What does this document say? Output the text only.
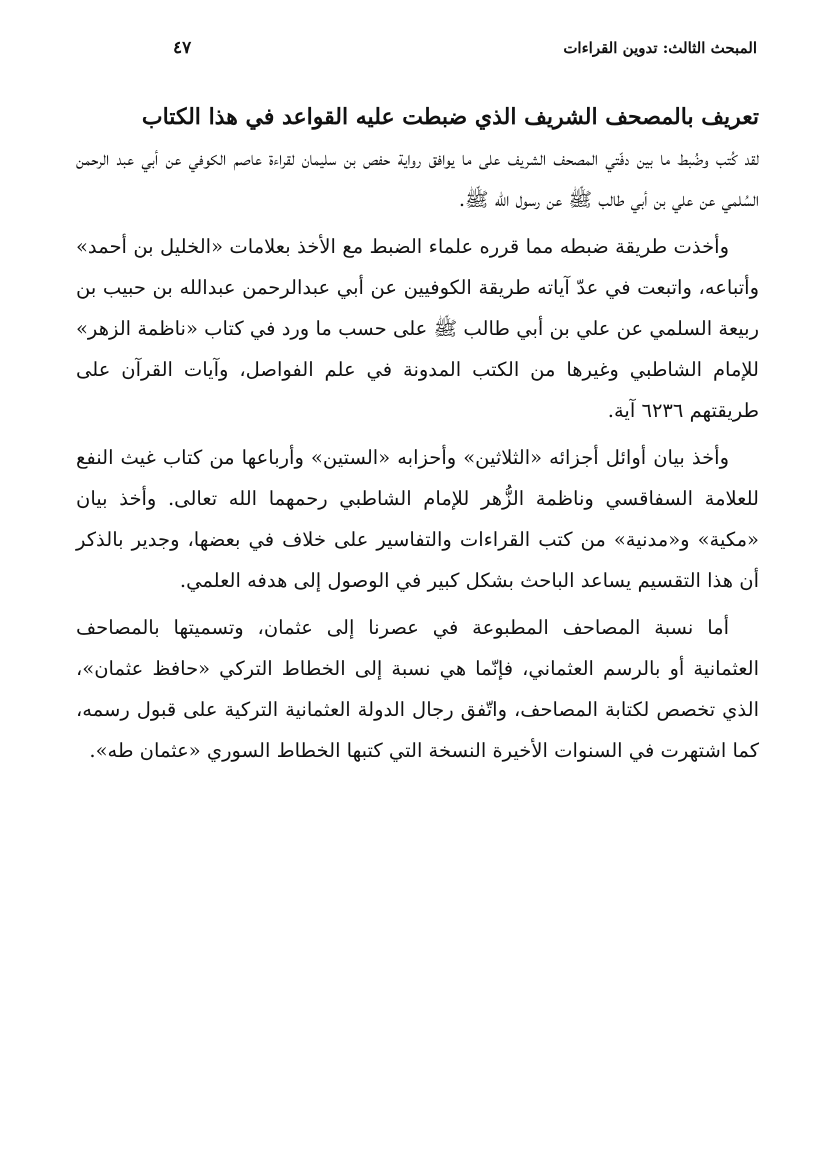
المبحث الثالث: تدوين القراءات
٤٧
تعريف بالمصحف الشريف الذي ضبطت عليه القواعد في هذا الكتاب

لقد كُتب وضُبط ما بين دفّتي المصحف الشريف على ما يوافق رواية حفص بن سليمان لقراءة عاصم الكوفي عن أبي عبد الرحمن السُلمي عن علي بن أبي طالب ﷺ عن رسول الله ﷺ.

وأخذت طريقة ضبطه مما قرره علماء الضبط مع الأخذ بعلامات «الخليل بن أحمد» وأتباعه، واتبعت في عدّ آياته طريقة الكوفيين عن أبي عبدالرحمن عبدالله بن حبيب بن ربيعة السلمي عن علي بن أبي طالب ﷺ على حسب ما ورد في كتاب «ناظمة الزهر» للإمام الشاطبي وغيرها من الكتب المدونة في علم الفواصل، وآيات القرآن على طريقتهم ٦٢٣٦ آية.

وأخذ بيان أوائل أجزائه «الثلاثين» وأحزابه «الستين» وأرباعها من كتاب غيث النفع للعلامة السفاقسي وناظمة الزُّهر للإمام الشاطبي رحمهما الله تعالى. وأخذ بيان «مكية» و«مدنية» من كتب القراءات والتفاسير على خلاف في بعضها، وجدير بالذكر أن هذا التقسيم يساعد الباحث بشكل كبير في الوصول إلى هدفه العلمي.

أما نسبة المصاحف المطبوعة في عصرنا إلى عثمان، وتسميتها بالمصاحف العثمانية أو بالرسم العثماني، فإنّما هي نسبة إلى الخطاط التركي «حافظ عثمان»، الذي تخصص لكتابة المصاحف، واتّفق رجال الدولة العثمانية التركية على قبول رسمه، كما اشتهرت في السنوات الأخيرة النسخة التي كتبها الخطاط السوري «عثمان طه».
